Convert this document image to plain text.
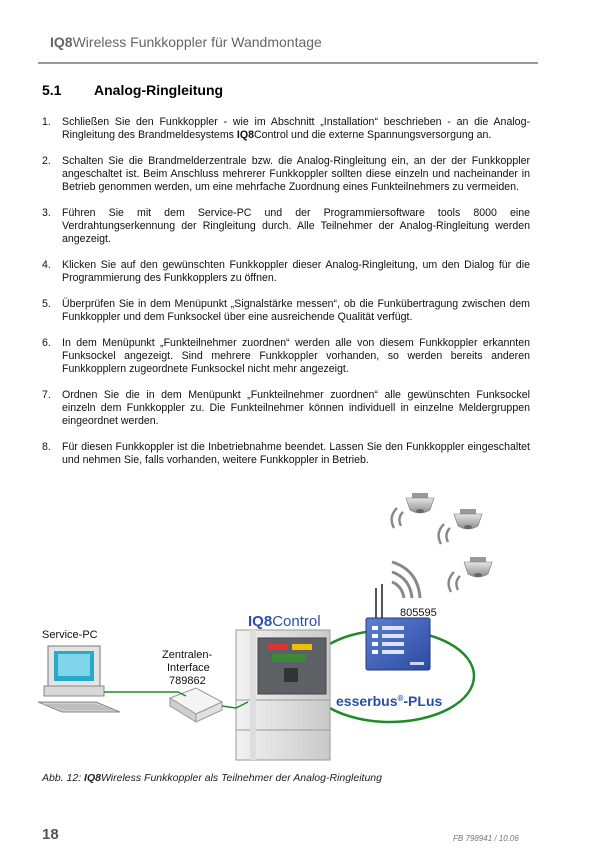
IQ8Wireless Funkkoppler für Wandmontage
5.1 Analog-Ringleitung
1. Schließen Sie den Funkkoppler - wie im Abschnitt „Installation“ beschrieben - an die Analog-Ringleitung des Brandmeldesystems IQ8Control und die externe Spannungsversorgung an.
2. Schalten Sie die Brandmelderzentrale bzw. die Analog-Ringleitung ein, an der der Funkkoppler angeschaltet ist. Beim Anschluss mehrerer Funkkoppler sollten diese einzeln und nacheinander in Betrieb genommen werden, um eine mehrfache Zuordnung eines Funkteilnehmers zu vermeiden.
3. Führen Sie mit dem Service-PC und der Programmiersoftware tools 8000 eine Verdrahtungserkennung der Ringleitung durch. Alle Teilnehmer der Analog-Ringleitung werden angezeigt.
4. Klicken Sie auf den gewünschten Funkkoppler dieser Analog-Ringleitung, um den Dialog für die Programmierung des Funkkopplers zu öffnen.
5. Überprüfen Sie in dem Menüpunkt „Signalstärke messen“, ob die Funkübertragung zwischen dem Funkkoppler und dem Funksockel über eine ausreichende Qualität verfügt.
6. In dem Menüpunkt „Funkteilnehmer zuordnen“ werden alle von diesem Funkkoppler erkannten Funksockel angezeigt. Sind mehrere Funkkoppler vorhanden, so werden bereits anderen Funkkopplern zugeordnete Funksockel nicht mehr angezeigt.
7. Ordnen Sie die in dem Menüpunkt „Funkteilnehmer zuordnen“ alle gewünschten Funksockel einzeln dem Funkkoppler zu. Die Funkteilnehmer können individuell in einzelne Meldergruppen eingeordnet werden.
8. Für diesen Funkkoppler ist die Inbetriebnahme beendet. Lassen Sie den Funkkoppler eingeschaltet und nehmen Sie, falls vorhanden, weitere Funkkoppler in Betrieb.
805595
esserbus®-PLus
IQ8Control
Zentralen-
Interface
789862
Service-PC
Abb. 12: IQ8Wireless Funkkoppler als Teilnehmer der Analog-Ringleitung
18	FB 798941 / 10.06
